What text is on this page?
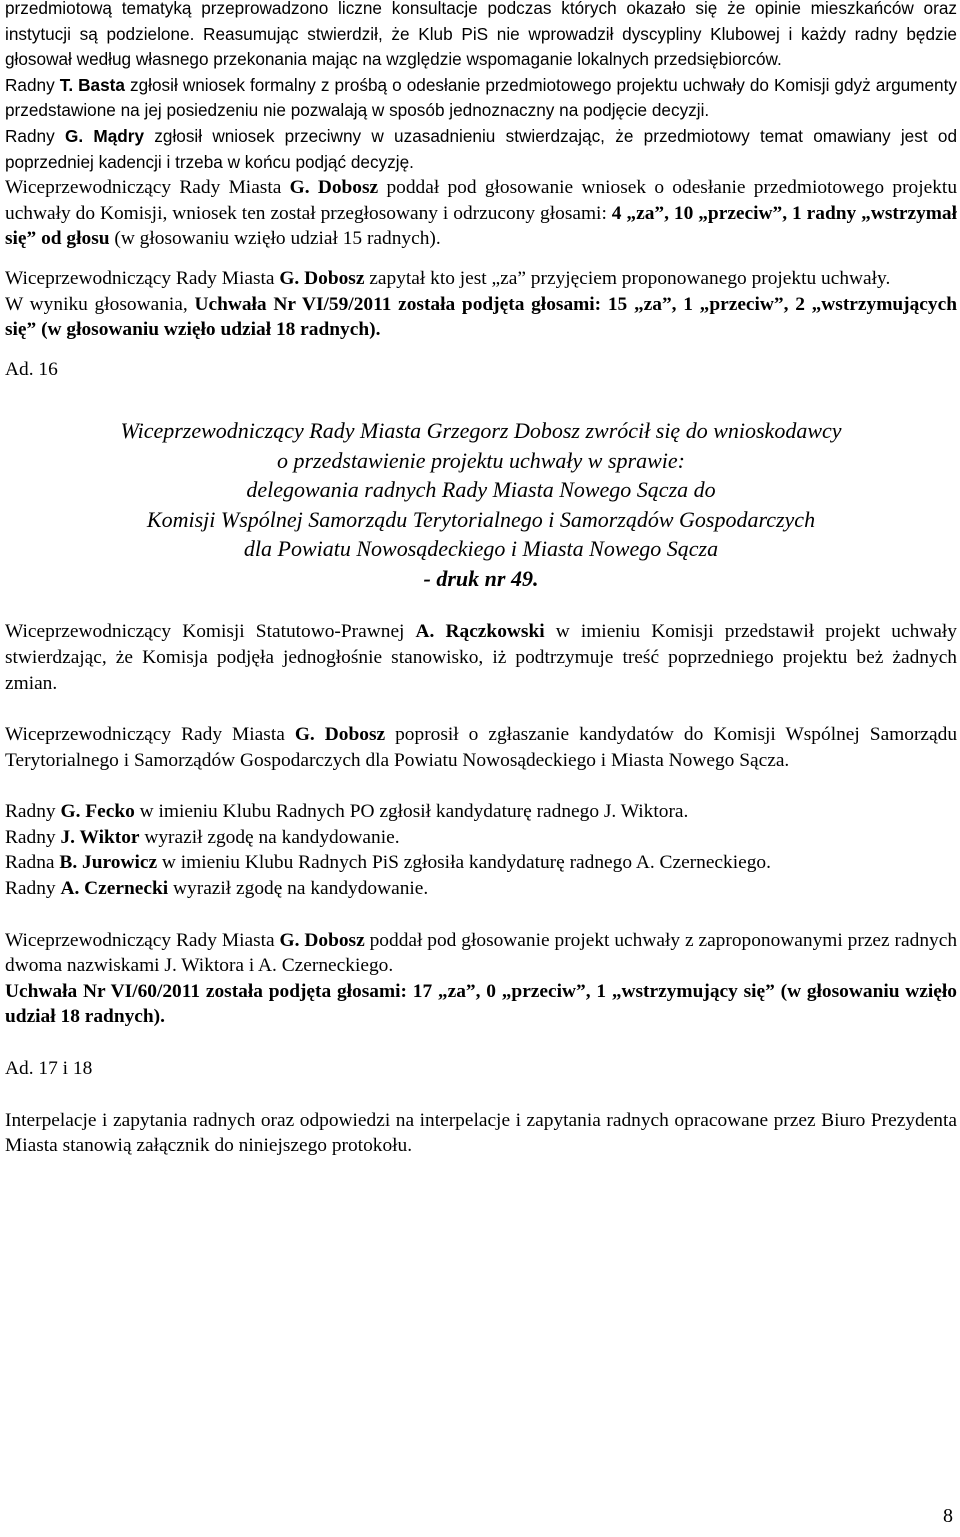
przedmiotową tematyką przeprowadzono liczne konsultacje podczas których okazało się że opinie mieszkańców oraz instytucji są podzielone. Reasumując stwierdził, że Klub PiS nie wprowadził dyscypliny Klubowej i każdy radny będzie głosował według własnego przekonania mając na względzie wspomaganie lokalnych przedsiębiorców.

Radny T. Basta zgłosił wniosek formalny z prośbą o odesłanie przedmiotowego projektu uchwały do Komisji gdyż argumenty przedstawione na jej posiedzeniu nie pozwalają w sposób jednoznaczny na podjęcie decyzji.

Radny G. Mądry zgłosił wniosek przeciwny w uzasadnieniu stwierdzając, że przedmiotowy temat omawiany jest od poprzedniej kadencji i trzeba w końcu podjąć decyzję.

Wiceprzewodniczący Rady Miasta G. Dobosz poddał pod głosowanie wniosek o odesłanie przedmiotowego projektu uchwały do Komisji, wniosek ten został przegłosowany i odrzucony głosami: 4 „za”, 10 „przeciw”, 1 radny „wstrzymał się” od głosu (w głosowaniu wzięło udział 15 radnych).

Wiceprzewodniczący Rady Miasta G. Dobosz zapytał kto jest „za” przyjęciem proponowanego projektu uchwały.

W wyniku głosowania, Uchwała Nr VI/59/2011 została podjęta głosami: 15 „za”, 1 „przeciw”, 2 „wstrzymujących się” (w głosowaniu wzięło udział 18 radnych).

Ad. 16

Wiceprzewodniczący Rady Miasta Grzegorz Dobosz zwrócił się do wnioskodawcy
o przedstawienie projektu uchwały w sprawie:
delegowania radnych Rady Miasta Nowego Sącza do
Komisji Wspólnej Samorządu Terytorialnego i Samorządów Gospodarczych
dla Powiatu Nowosądeckiego i Miasta Nowego Sącza
- druk nr 49.

Wiceprzewodniczący Komisji Statutowo-Prawnej A. Rączkowski w imieniu Komisji przedstawił projekt uchwały stwierdzając, że Komisja podjęła jednogłośnie stanowisko, iż podtrzymuje treść poprzedniego projektu beż żadnych zmian.

Wiceprzewodniczący Rady Miasta G. Dobosz poprosił o zgłaszanie kandydatów do Komisji Wspólnej Samorządu Terytorialnego i Samorządów Gospodarczych dla Powiatu Nowosądeckiego i Miasta Nowego Sącza.

Radny G. Fecko w imieniu Klubu Radnych PO zgłosił kandydaturę radnego J. Wiktora.

Radny J. Wiktor wyraził zgodę na kandydowanie.

Radna B. Jurowicz w imieniu Klubu Radnych PiS zgłosiła kandydaturę radnego A. Czerneckiego.

Radny A. Czernecki wyraził zgodę na kandydowanie.

Wiceprzewodniczący Rady Miasta G. Dobosz poddał pod głosowanie projekt uchwały z zaproponowanymi przez radnych dwoma nazwiskami J. Wiktora i A. Czerneckiego.

Uchwała Nr VI/60/2011 została podjęta głosami: 17 „za”, 0 „przeciw”, 1 „wstrzymujący się” (w głosowaniu wzięło udział 18 radnych).

Ad. 17 i 18

Interpelacje i zapytania radnych oraz odpowiedzi na interpelacje i zapytania radnych opracowane przez Biuro Prezydenta Miasta stanowią załącznik do niniejszego protokołu.

8
